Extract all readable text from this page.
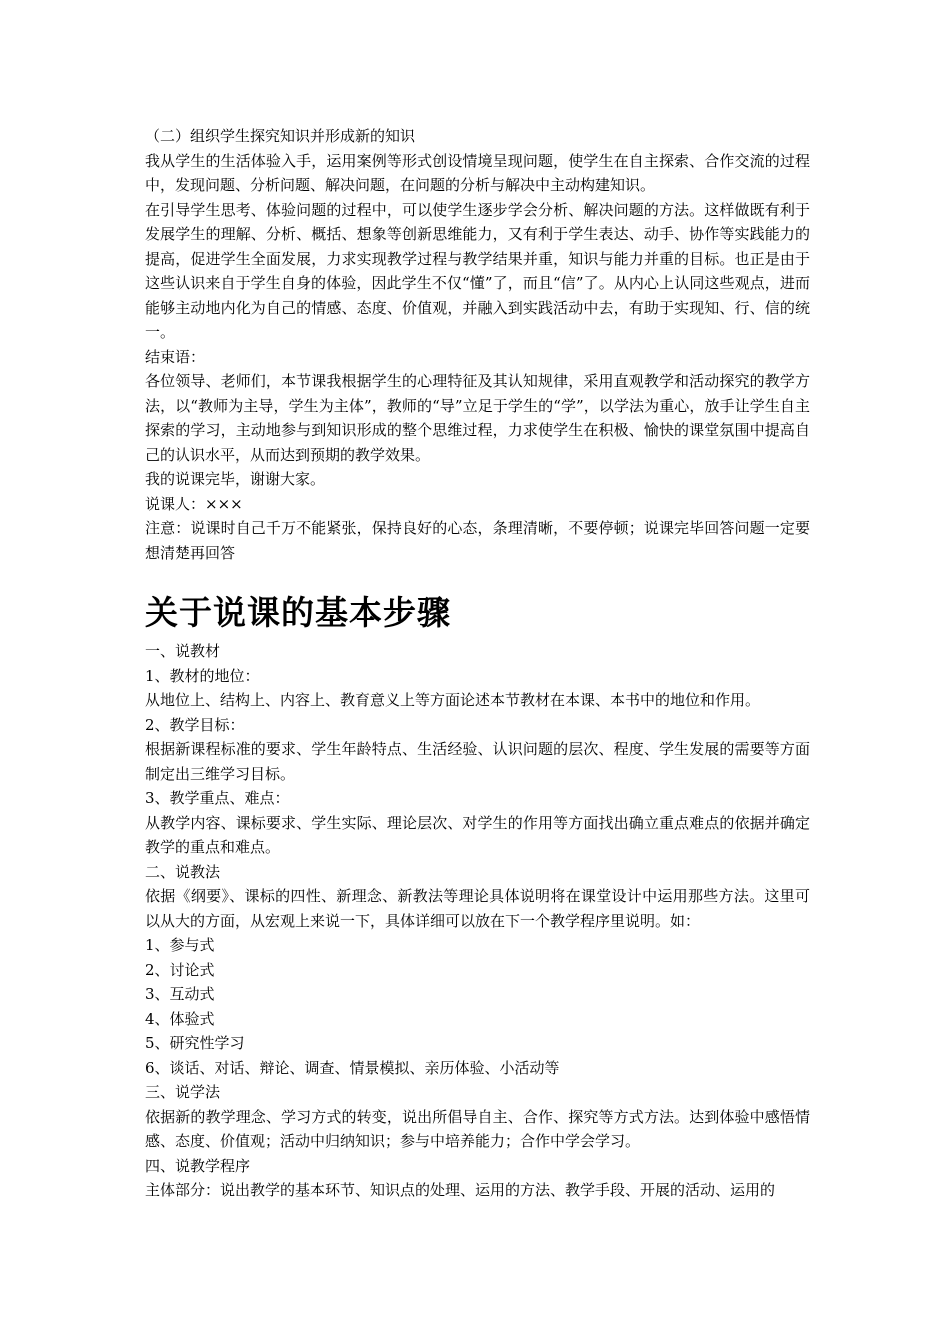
（二）组织学生探究知识并形成新的知识

我从学生的生活体验入手，运用案例等形式创设情境呈现问题，使学生在自主探索、合作交流的过程中，发现问题、分析问题、解决问题，在问题的分析与解决中主动构建知识。

在引导学生思考、体验问题的过程中，可以使学生逐步学会分析、解决问题的方法。这样做既有利于发展学生的理解、分析、概括、想象等创新思维能力，又有利于学生表达、动手、协作等实践能力的提高，促进学生全面发展，力求实现教学过程与教学结果并重，知识与能力并重的目标。也正是由于这些认识来自于学生自身的体验，因此学生不仅“懂”了，而且“信”了。从内心上认同这些观点，进而能够主动地内化为自己的情感、态度、价值观，并融入到实践活动中去，有助于实现知、行、信的统一。

结束语：

各位领导、老师们，本节课我根据学生的心理特征及其认知规律，采用直观教学和活动探究的教学方法，以“教师为主导，学生为主体”，教师的“导”立足于学生的“学”，以学法为重心，放手让学生自主探索的学习，主动地参与到知识形成的整个思维过程，力求使学生在积极、愉快的课堂氛围中提高自己的认识水平，从而达到预期的教学效果。

我的说课完毕，谢谢大家。

说课人：×××

注意：说课时自己千万不能紧张，保持良好的心态，条理清晰，不要停顿；说课完毕回答问题一定要想清楚再回答

关于说课的基本步骤

一、说教材

1、教材的地位：

从地位上、结构上、内容上、教育意义上等方面论述本节教材在本课、本书中的地位和作用。

2、教学目标：

根据新课程标准的要求、学生年龄特点、生活经验、认识问题的层次、程度、学生发展的需要等方面制定出三维学习目标。

3、教学重点、难点：

从教学内容、课标要求、学生实际、理论层次、对学生的作用等方面找出确立重点难点的依据并确定教学的重点和难点。

二、说教法

依据《纲要》、课标的四性、新理念、新教法等理论具体说明将在课堂设计中运用那些方法。这里可以从大的方面，从宏观上来说一下，具体详细可以放在下一个教学程序里说明。如：

1、参与式

2、讨论式

3、互动式

4、体验式

5、研究性学习

6、谈话、对话、辩论、调查、情景模拟、亲历体验、小活动等

三、说学法

依据新的教学理念、学习方式的转变，说出所倡导自主、合作、探究等方式方法。达到体验中感悟情感、态度、价值观；活动中归纳知识；参与中培养能力；合作中学会学习。

四、说教学程序

主体部分：说出教学的基本环节、知识点的处理、运用的方法、教学手段、开展的活动、运用的
